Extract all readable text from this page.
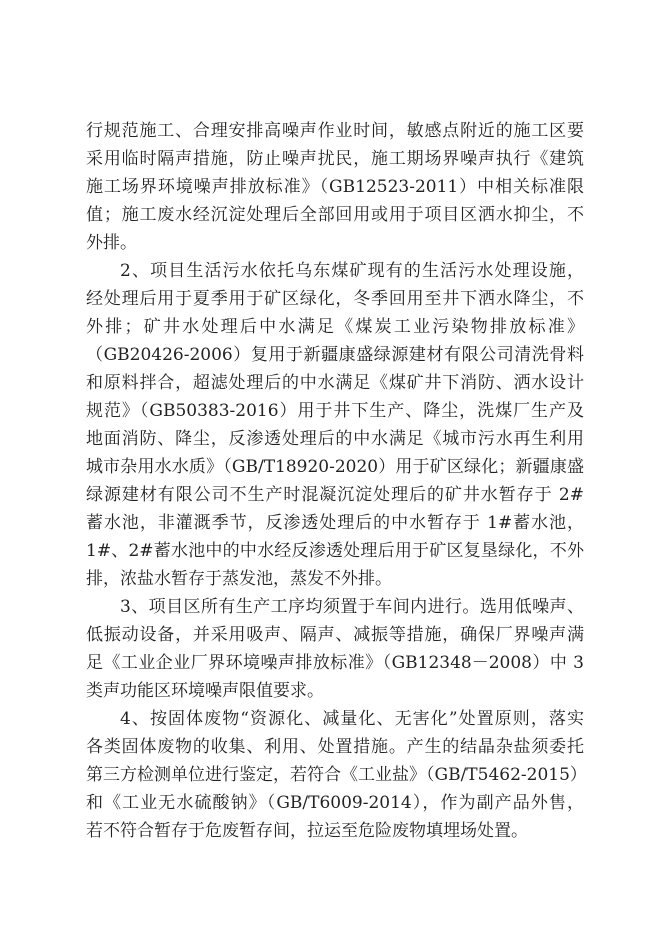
行规范施工、合理安排高噪声作业时间，敏感点附近的施工区要
采用临时隔声措施，防止噪声扰民，施工期场界噪声执行《建筑
施工场界环境噪声排放标准》（GB12523-2011）中相关标准限
值；施工废水经沉淀处理后全部回用或用于项目区洒水抑尘，不
外排。
2、项目生活污水依托乌东煤矿现有的生活污水处理设施，
经处理后用于夏季用于矿区绿化，冬季回用至井下洒水降尘，不
外排；矿井水处理后中水满足《煤炭工业污染物排放标准》
（GB20426-2006）复用于新疆康盛绿源建材有限公司清洗骨料
和原料拌合，超滤处理后的中水满足《煤矿井下消防、洒水设计
规范》（GB50383-2016）用于井下生产、降尘，洗煤厂生产及
地面消防、降尘，反渗透处理后的中水满足《城市污水再生利用
城市杂用水水质》（GB/T18920-2020）用于矿区绿化；新疆康盛
绿源建材有限公司不生产时混凝沉淀处理后的矿井水暂存于 2#
蓄水池，非灌溉季节，反渗透处理后的中水暂存于 1#蓄水池，
1#、2#蓄水池中的中水经反渗透处理后用于矿区复垦绿化，不外
排，浓盐水暂存于蒸发池，蒸发不外排。
3、项目区所有生产工序均须置于车间内进行。选用低噪声、
低振动设备，并采用吸声、隔声、减振等措施，确保厂界噪声满
足《工业企业厂界环境噪声排放标准》（GB12348－2008）中 3
类声功能区环境噪声限值要求。
4、按固体废物“资源化、减量化、无害化”处置原则，落实
各类固体废物的收集、利用、处置措施。产生的结晶杂盐须委托
第三方检测单位进行鉴定，若符合《工业盐》（GB/T5462-2015）
和《工业无水硫酸钠》（GB/T6009-2014），作为副产品外售，
若不符合暂存于危废暂存间，拉运至危险废物填埋场处置。
